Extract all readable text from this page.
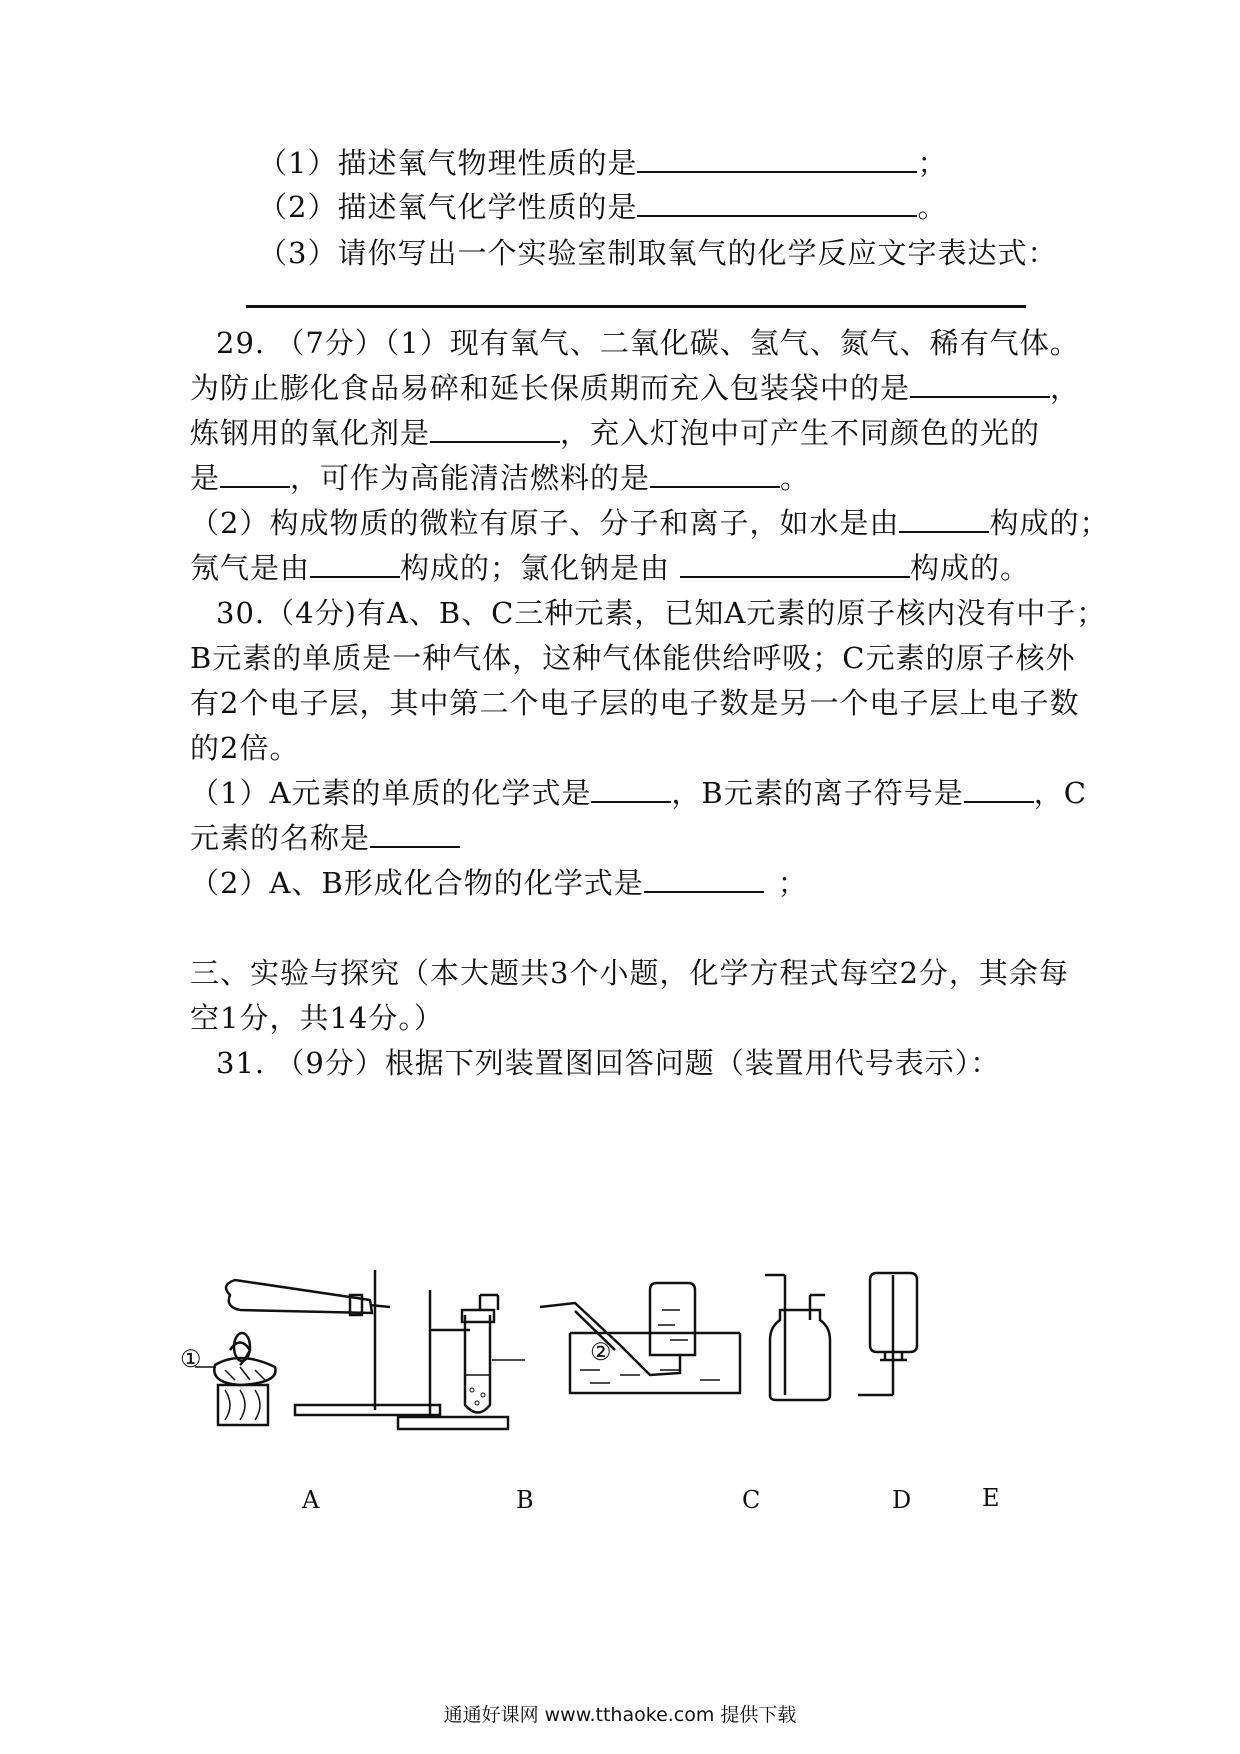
（1）描述氧气物理性质的是	；
（2）描述氧气化学性质的是	。
（3）请你写出一个实验室制取氧气的化学反应文字表达式：
29. （7分）（1）现有氧气、二氧化碳、氢气、氮气、稀有气体。
为防止膨化食品易碎和延长保质期而充入包装袋中的是	，
炼钢用的氧化剂是	，充入灯泡中可产生不同颜色的光的
是 ，可作为高能清洁燃料的是	。
（2）构成物质的微粒有原子、分子和离子，如水是由	构成的；
氖气是由	构成的；氯化钠是由	构成的。
30.（4分)有A、B、C三种元素，已知A元素的原子核内没有中子；
B元素的单质是一种气体，这种气体能供给呼吸；C元素的原子核外
有2个电子层，其中第二个电子层的电子数是另一个电子层上电子数
的2倍。
（1）A元素的单质的化学式是	，B元素的离子符号是 ，C
元素的名称是
（2）A、B形成化合物的化学式是	；
三、实验与探究（本大题共3个小题，化学方程式每空2分，其余每
空1分，共14分。）
31. （9分）根据下列装置图回答问题（装置用代号表示）：
①	②
A	B	C	D	E
通通好课网 www.tthaoke.com 提供下载
